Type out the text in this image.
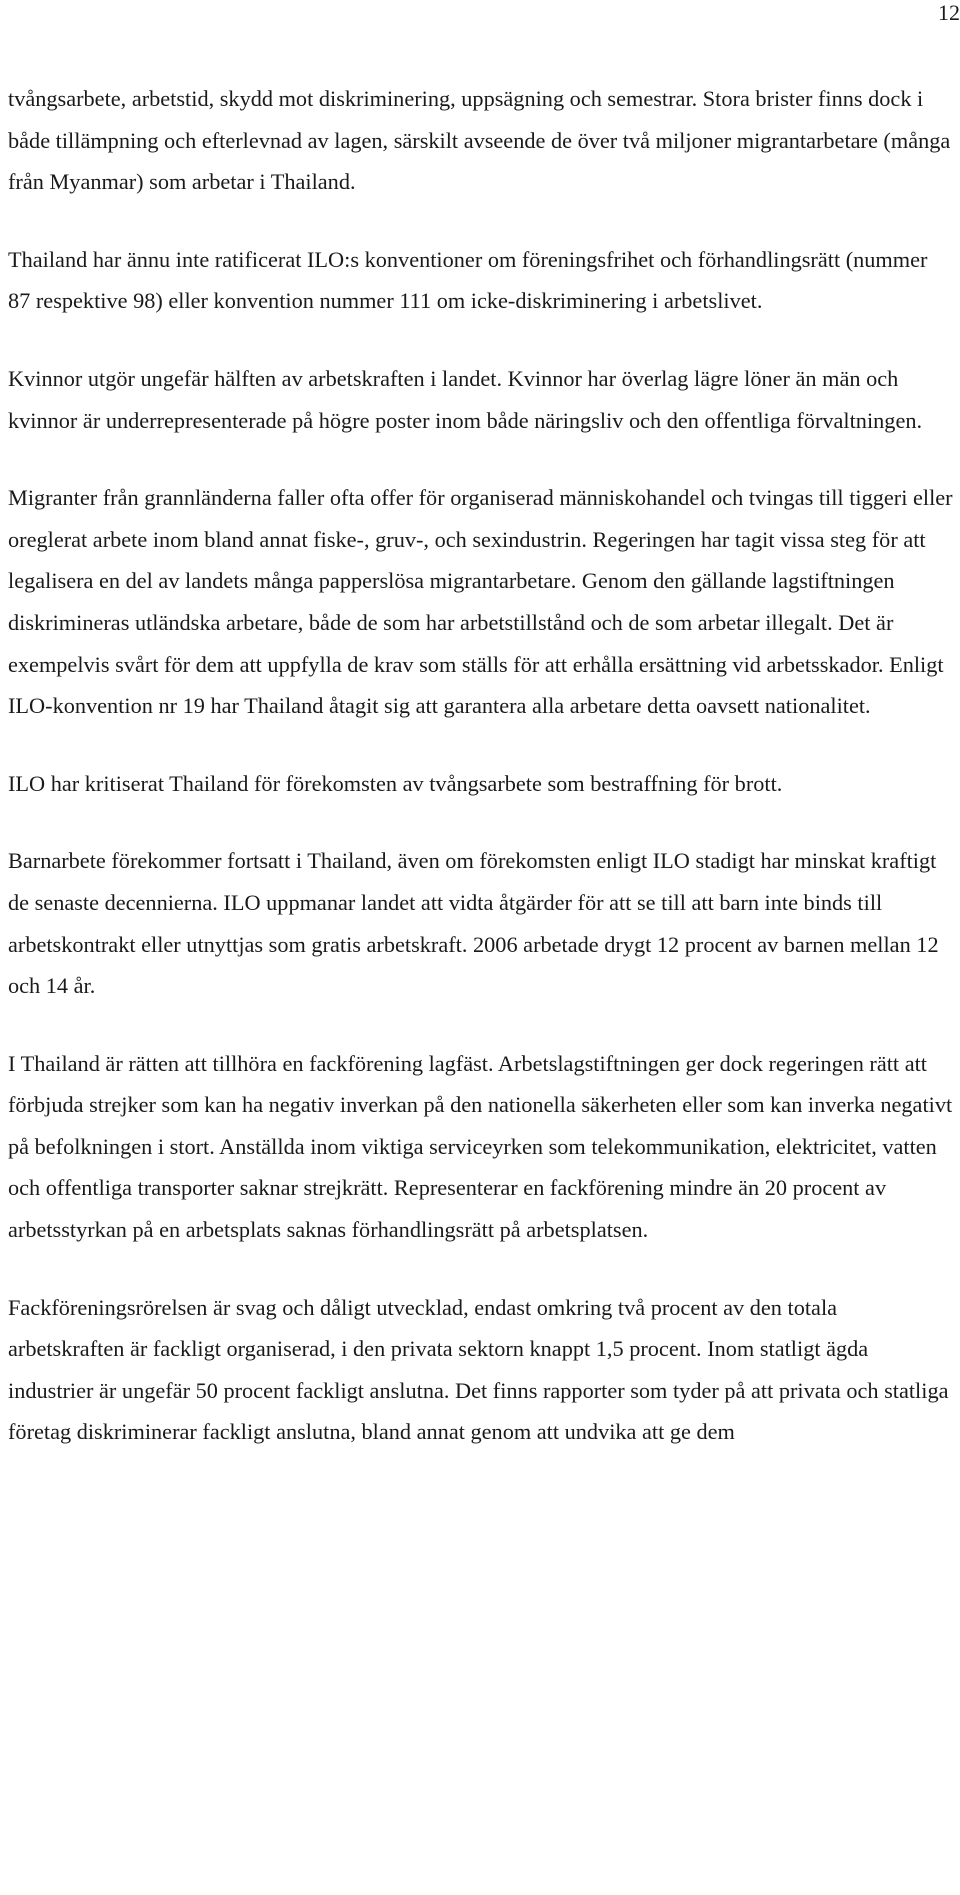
12

tvångsarbete, arbetstid, skydd mot diskriminering, uppsägning och semestrar. Stora brister finns dock i både tillämpning och efterlevnad av lagen, särskilt avseende de över två miljoner migrantarbetare (många från Myanmar) som arbetar i Thailand.

Thailand har ännu inte ratificerat ILO:s konventioner om föreningsfrihet och förhandlingsrätt (nummer 87 respektive 98) eller konvention nummer 111 om icke-diskriminering i arbetslivet.

Kvinnor utgör ungefär hälften av arbetskraften i landet. Kvinnor har överlag lägre löner än män och kvinnor är underrepresenterade på högre poster inom både näringsliv och den offentliga förvaltningen.

Migranter från grannländerna faller ofta offer för organiserad människohandel och tvingas till tiggeri eller oreglerat arbete inom bland annat fiske-, gruv-, och sexindustrin. Regeringen har tagit vissa steg för att legalisera en del av landets många papperslösa migrantarbetare. Genom den gällande lagstiftningen diskrimineras utländska arbetare, både de som har arbetstillstånd och de som arbetar illegalt. Det är exempelvis svårt för dem att uppfylla de krav som ställs för att erhålla ersättning vid arbetsskador. Enligt ILO-konvention nr 19 har Thailand åtagit sig att garantera alla arbetare detta oavsett nationalitet.

ILO har kritiserat Thailand för förekomsten av tvångsarbete som bestraffning för brott.

Barnarbete förekommer fortsatt i Thailand, även om förekomsten enligt ILO stadigt har minskat kraftigt de senaste decennierna. ILO uppmanar landet att vidta åtgärder för att se till att barn inte binds till arbetskontrakt eller utnyttjas som gratis arbetskraft. 2006 arbetade drygt 12 procent av barnen mellan 12 och 14 år.

I Thailand är rätten att tillhöra en fackförening lagfäst. Arbetslagstiftningen ger dock regeringen rätt att förbjuda strejker som kan ha negativ inverkan på den nationella säkerheten eller som kan inverka negativt på befolkningen i stort. Anställda inom viktiga serviceyrken som telekommunikation, elektricitet, vatten och offentliga transporter saknar strejkrätt. Representerar en fackförening mindre än 20 procent av arbetsstyrkan på en arbetsplats saknas förhandlingsrätt på arbetsplatsen.

Fackföreningsrörelsen är svag och dåligt utvecklad, endast omkring två procent av den totala arbetskraften är fackligt organiserad, i den privata sektorn knappt 1,5 procent. Inom statligt ägda industrier är ungefär 50 procent fackligt anslutna. Det finns rapporter som tyder på att privata och statliga företag diskriminerar fackligt anslutna, bland annat genom att undvika att ge dem
